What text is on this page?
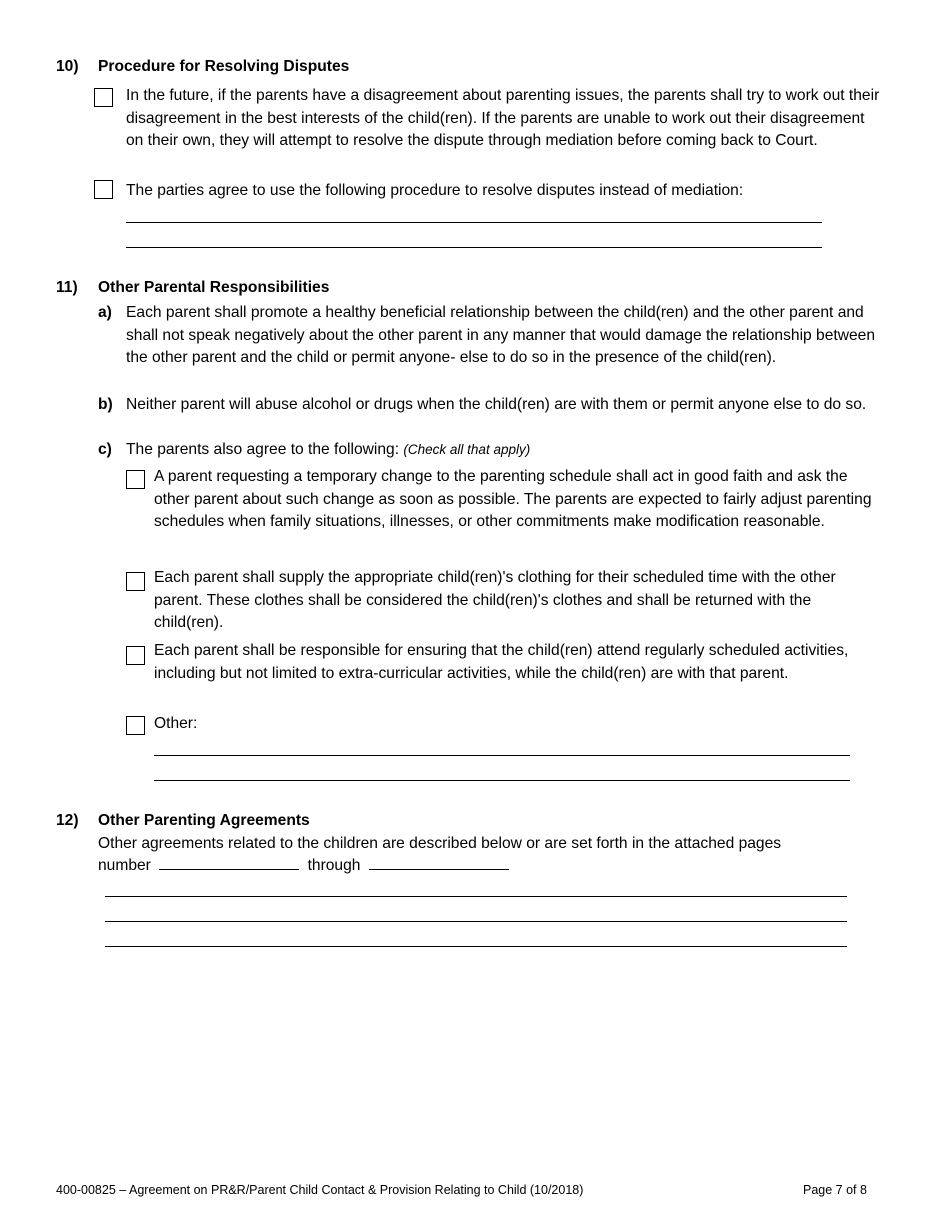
10) Procedure for Resolving Disputes
In the future, if the parents have a disagreement about parenting issues, the parents shall try to work out their disagreement in the best interests of the child(ren). If the parents are unable to work out their disagreement on their own, they will attempt to resolve the dispute through mediation before coming back to Court.
The parties agree to use the following procedure to resolve disputes instead of mediation:
11) Other Parental Responsibilities
a) Each parent shall promote a healthy beneficial relationship between the child(ren) and the other parent and shall not speak negatively about the other parent in any manner that would damage the relationship between the other parent and the child or permit anyone- else to do so in the presence of the child(ren).
b) Neither parent will abuse alcohol or drugs when the child(ren) are with them or permit anyone else to do so.
c) The parents also agree to the following: (Check all that apply)
A parent requesting a temporary change to the parenting schedule shall act in good faith and ask the other parent about such change as soon as possible. The parents are expected to fairly adjust parenting schedules when family situations, illnesses, or other commitments make modification reasonable.
Each parent shall supply the appropriate child(ren)'s clothing for their scheduled time with the other parent. These clothes shall be considered the child(ren)'s clothes and shall be returned with the child(ren).
Each parent shall be responsible for ensuring that the child(ren) attend regularly scheduled activities, including but not limited to extra-curricular activities, while the child(ren) are with that parent.
Other:
12) Other Parenting Agreements
Other agreements related to the children are described below or are set forth in the attached pages
number	through
400-00825 – Agreement on PR&R/Parent Child Contact & Provision Relating to Child (10/2018)	Page 7 of 8
